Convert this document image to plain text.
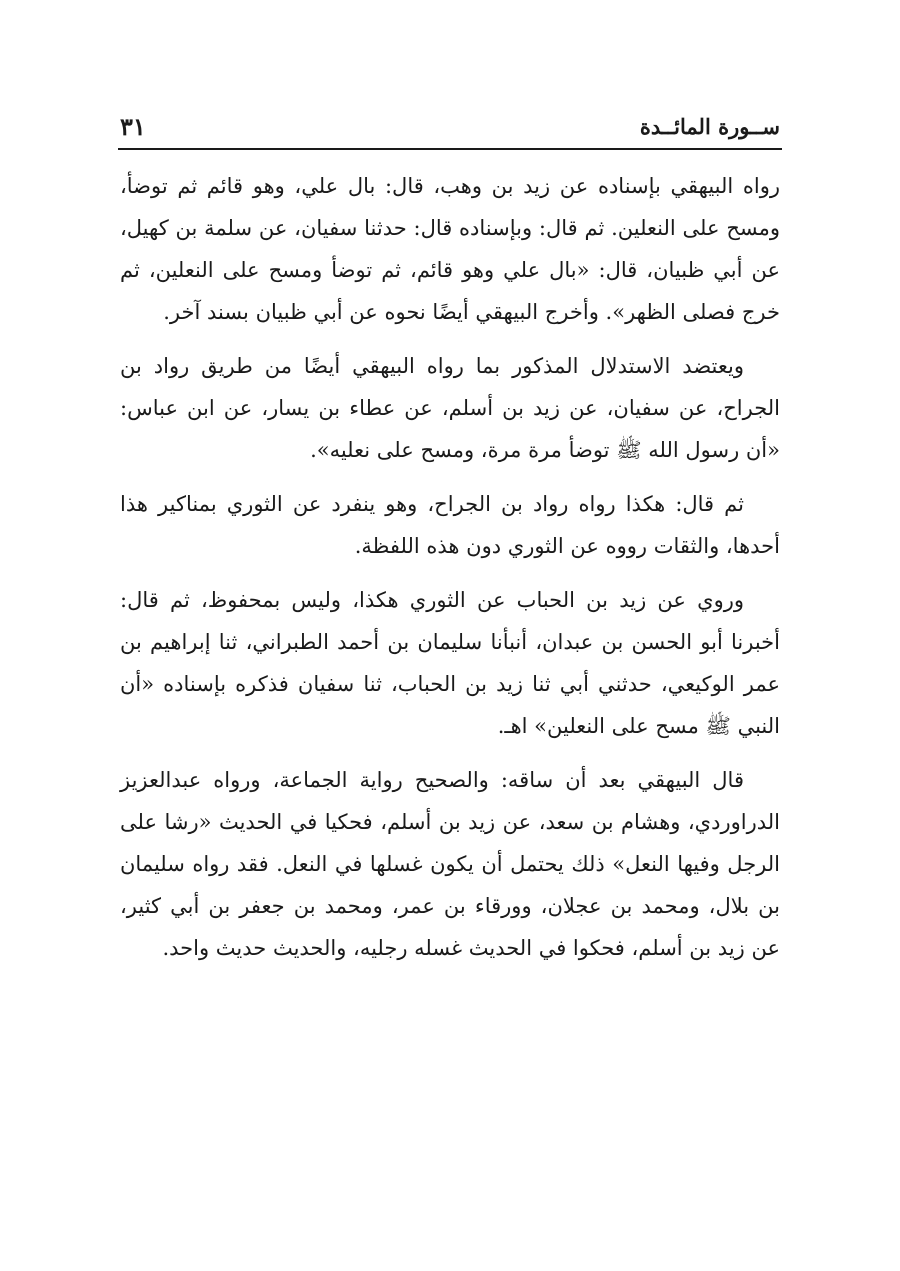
ســورة المائــدة
٣١

رواه البيهقي بإسناده عن زيد بن وهب، قال: بال علي، وهو قائم ثم توضأ، ومسح على النعلين. ثم قال: وبإسناده قال: حدثنا سفيان، عن سلمة بن كهيل، عن أبي ظبيان، قال: «بال علي وهو قائم، ثم توضأ ومسح على النعلين، ثم خرج فصلى الظهر». وأخرج البيهقي أيضًا نحوه عن أبي ظبيان بسند آخر.

ويعتضد الاستدلال المذكور بما رواه البيهقي أيضًا من طريق رواد بن الجراح، عن سفيان، عن زيد بن أسلم، عن عطاء بن يسار، عن ابن عباس: «أن رسول الله ﷺ توضأ مرة مرة، ومسح على نعليه».

ثم قال: هكذا رواه رواد بن الجراح، وهو ينفرد عن الثوري بمناكير هذا أحدها، والثقات رووه عن الثوري دون هذه اللفظة.

وروي عن زيد بن الحباب عن الثوري هكذا، وليس بمحفوظ، ثم قال: أخبرنا أبو الحسن بن عبدان، أنبأنا سليمان بن أحمد الطبراني، ثنا إبراهيم بن عمر الوكيعي، حدثني أبي ثنا زيد بن الحباب، ثنا سفيان فذكره بإسناده «أن النبي ﷺ مسح على النعلين» اهـ.

قال البيهقي بعد أن ساقه: والصحيح رواية الجماعة، ورواه عبدالعزيز الدراوردي، وهشام بن سعد، عن زيد بن أسلم، فحكيا في الحديث «رشا على الرجل وفيها النعل» ذلك يحتمل أن يكون غسلها في النعل. فقد رواه سليمان بن بلال، ومحمد بن عجلان، وورقاء بن عمر، ومحمد بن جعفر بن أبي كثير، عن زيد بن أسلم، فحكوا في الحديث غسله رجليه، والحديث حديث واحد.
